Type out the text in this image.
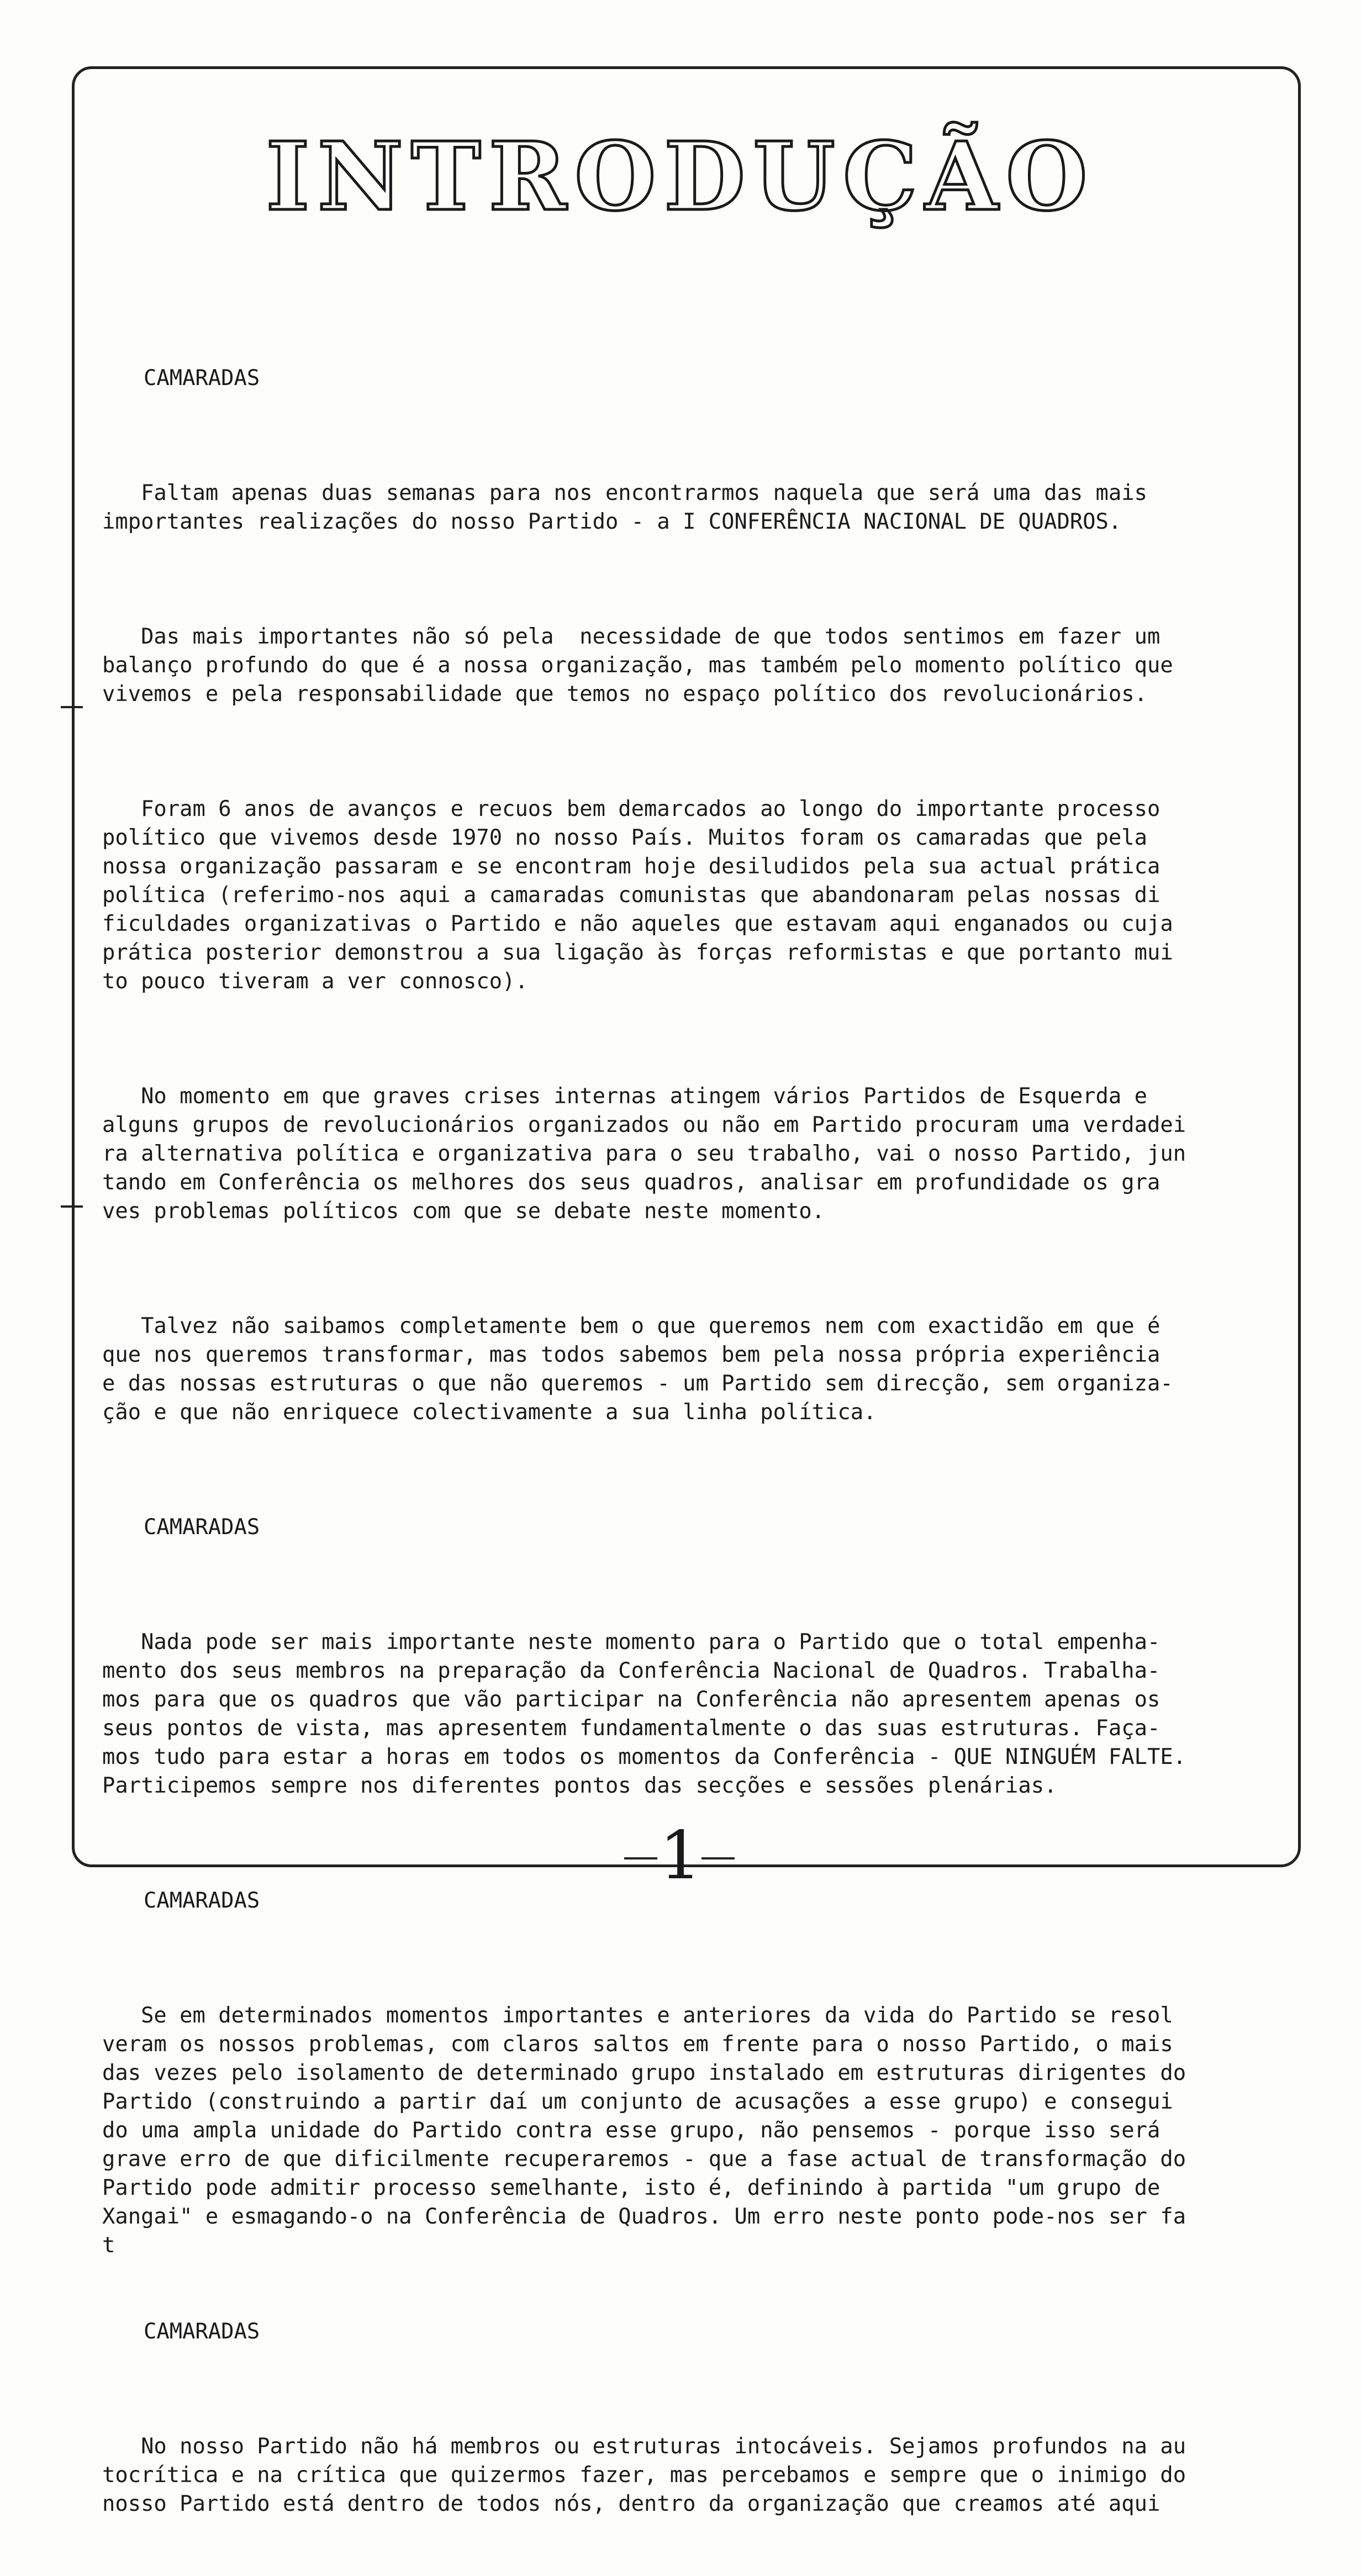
INTRODUÇÃO

CAMARADAS

Faltam apenas duas semanas para nos encontrarmos naquela que será uma das mais
importantes realizações do nosso Partido - a I CONFERÊNCIA NACIONAL DE QUADROS.

Das mais importantes não só pela  necessidade de que todos sentimos em fazer um
balanço profundo do que é a nossa organização, mas também pelo momento político que
vivemos e pela responsabilidade que temos no espaço político dos revolucionários.

Foram 6 anos de avanços e recuos bem demarcados ao longo do importante processo
político que vivemos desde 1970 no nosso País. Muitos foram os camaradas que pela
nossa organização passaram e se encontram hoje desiludidos pela sua actual prática
política (referimo-nos aqui a camaradas comunistas que abandonaram pelas nossas di
ficuldades organizativas o Partido e não aqueles que estavam aqui enganados ou cuja
prática posterior demonstrou a sua ligação às forças reformistas e que portanto mui
to pouco tiveram a ver connosco).

No momento em que graves crises internas atingem vários Partidos de Esquerda e
alguns grupos de revolucionários organizados ou não em Partido procuram uma verdadei
ra alternativa política e organizativa para o seu trabalho, vai o nosso Partido, jun
tando em Conferência os melhores dos seus quadros, analisar em profundidade os gra
ves problemas políticos com que se debate neste momento.

Talvez não saibamos completamente bem o que queremos nem com exactidão em que é
que nos queremos transformar, mas todos sabemos bem pela nossa própria experiência
e das nossas estruturas o que não queremos - um Partido sem direcção, sem organiza-
ção e que não enriquece colectivamente a sua linha política.

CAMARADAS

Nada pode ser mais importante neste momento para o Partido que o total empenha-
mento dos seus membros na preparação da Conferência Nacional de Quadros. Trabalha-
mos para que os quadros que vão participar na Conferência não apresentem apenas os
seus pontos de vista, mas apresentem fundamentalmente o das suas estruturas. Faça-
mos tudo para estar a horas em todos os momentos da Conferência - QUE NINGUÉM FALTE.
Participemos sempre nos diferentes pontos das secções e sessões plenárias.

CAMARADAS

Se em determinados momentos importantes e anteriores da vida do Partido se resol
veram os nossos problemas, com claros saltos em frente para o nosso Partido, o mais
das vezes pelo isolamento de determinado grupo instalado em estruturas dirigentes do
Partido (construindo a partir daí um conjunto de acusações a esse grupo) e consegui
do uma ampla unidade do Partido contra esse grupo, não pensemos - porque isso será
grave erro de que dificilmente recuperaremos - que a fase actual de transformação do
Partido pode admitir processo semelhante, isto é, definindo à partida "um grupo de
Xangai" e esmagando-o na Conferência de Quadros. Um erro neste ponto pode-nos ser fa
t

CAMARADAS

No nosso Partido não há membros ou estruturas intocáveis. Sejamos profundos na au
tocrítica e na crítica que quizermos fazer, mas percebamos e sempre que o inimigo do
nosso Partido está dentro de todos nós, dentro da organização que creamos até aqui

1
